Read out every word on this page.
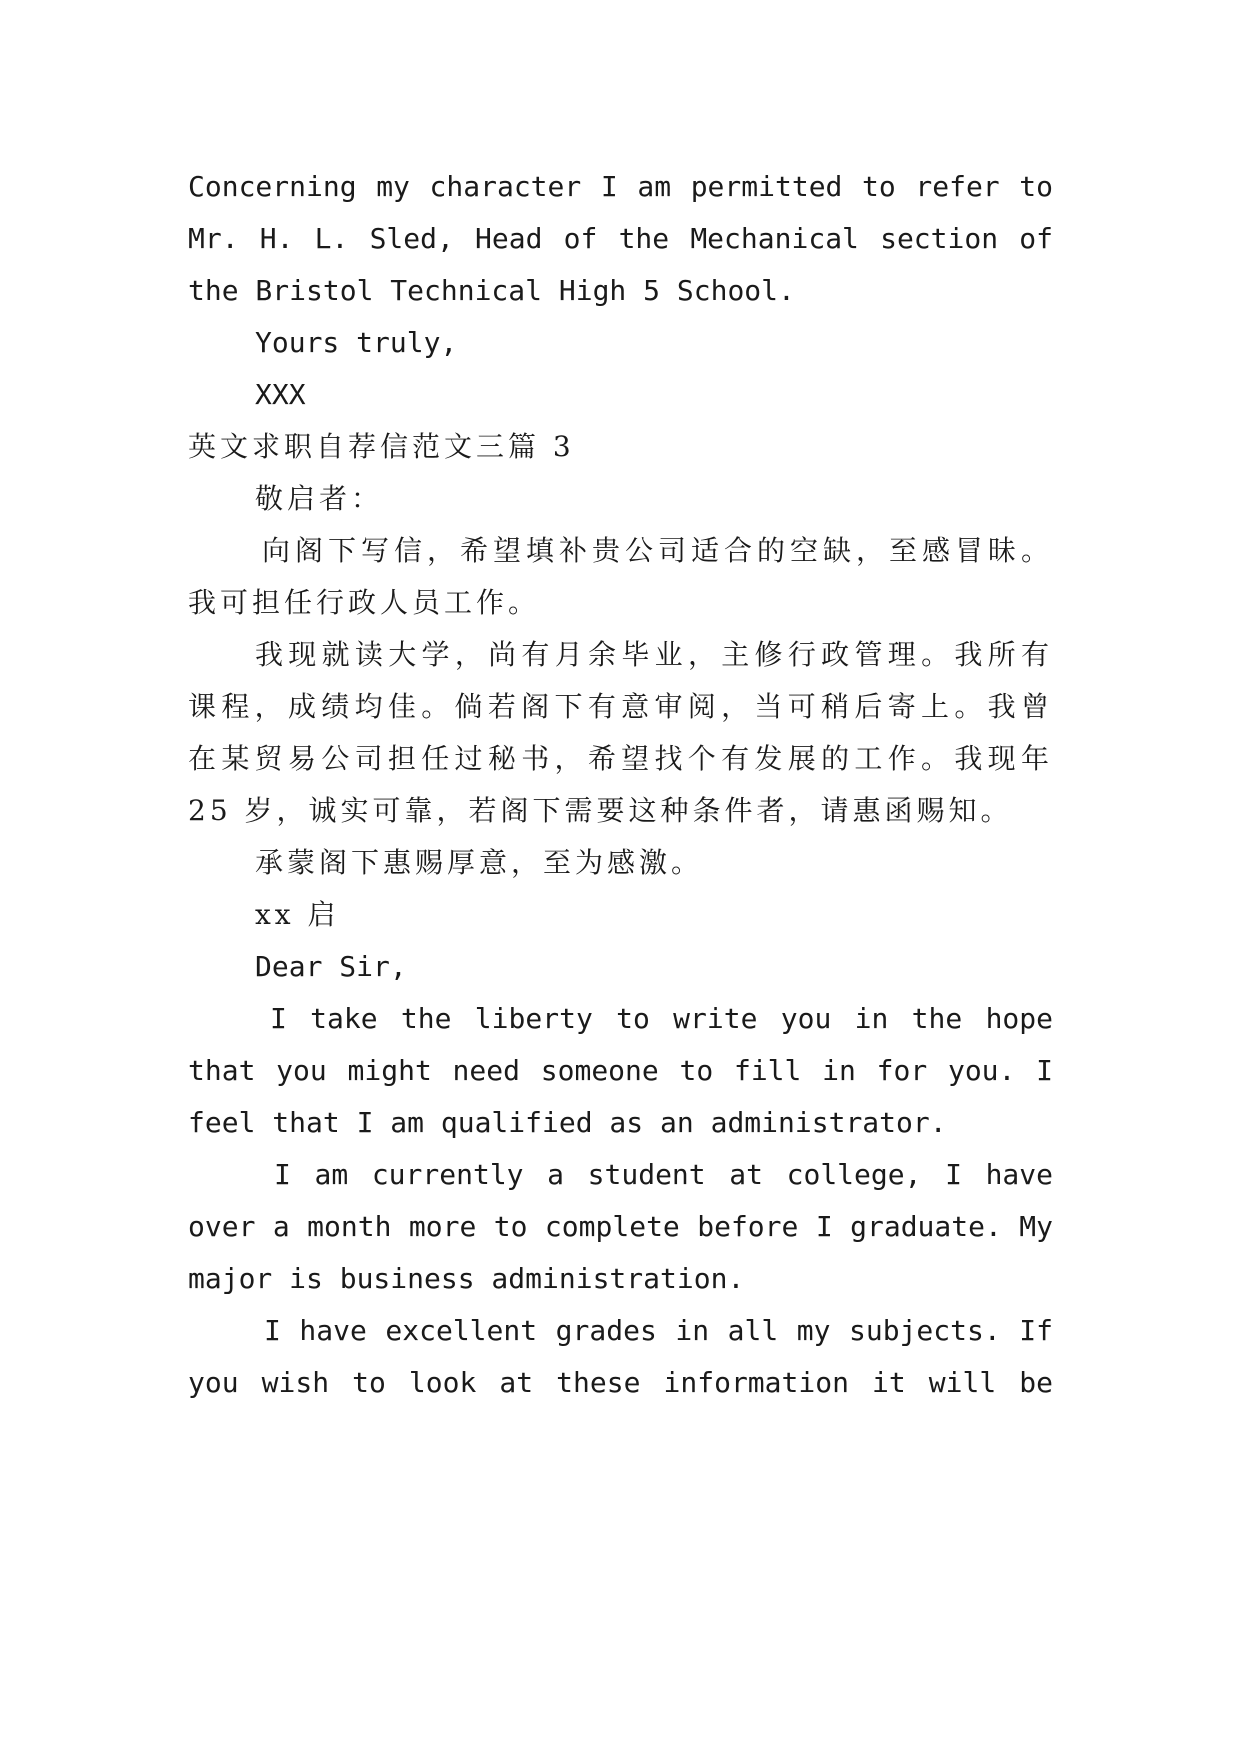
Concerning my character I am permitted to refer to
Mr. H. L. Sled, Head of the Mechanical section of
the Bristol Technical High 5 School.
Yours truly,
XXX
英文求职自荐信范文三篇 3
敬启者：
向阁下写信，希望填补贵公司适合的空缺，至感冒昧。
我可担任行政人员工作。
我现就读大学，尚有月余毕业，主修行政管理。我所有
课程，成绩均佳。倘若阁下有意审阅，当可稍后寄上。我曾
在某贸易公司担任过秘书，希望找个有发展的工作。我现年
25 岁，诚实可靠，若阁下需要这种条件者，请惠函赐知。
承蒙阁下惠赐厚意，至为感激。
xx 启
Dear Sir,
I take the liberty to write you in the hope
that you might need someone to fill in for you. I
feel that I am qualified as an administrator.
I am currently a student at college, I have
over a month more to complete before I graduate. My
major is business administration.
I have excellent grades in all my subjects. If
you wish to look at these information it will be
